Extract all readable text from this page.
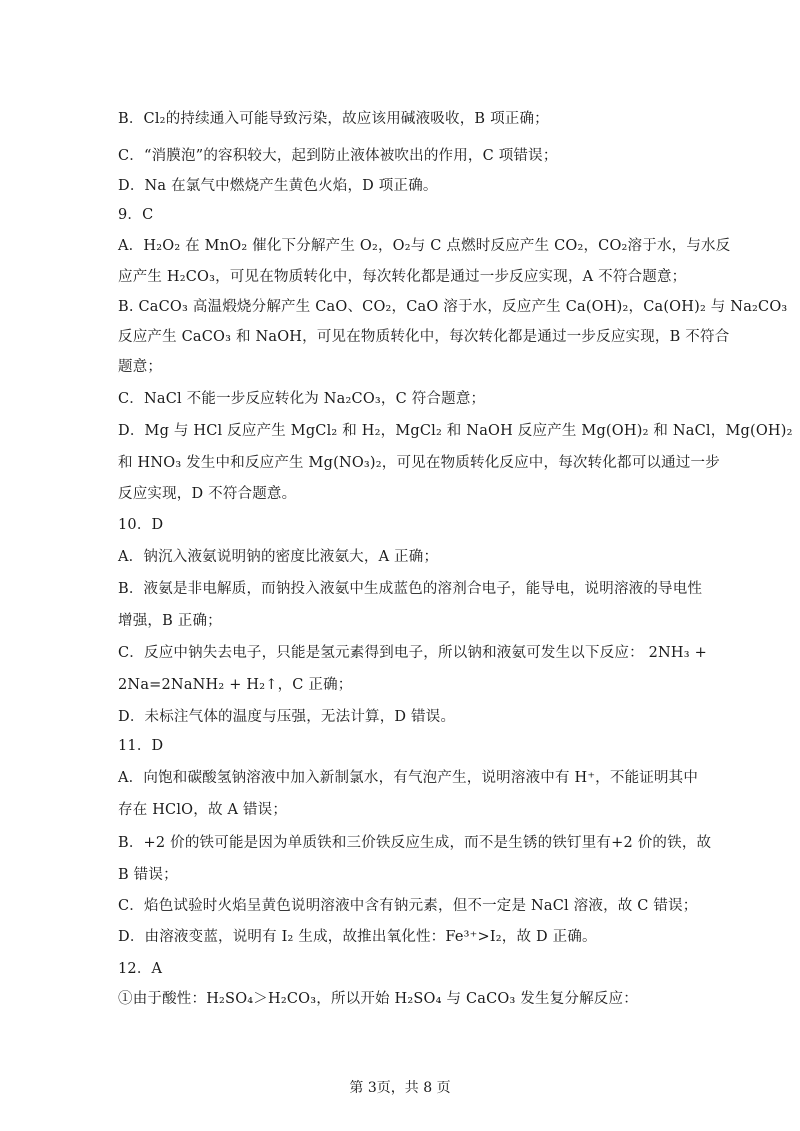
B．Cl₂的持续通入可能导致污染，故应该用碱液吸收，B 项正确；
C．“消膜泡”的容积较大，起到防止液体被吹出的作用，C 项错误；
D．Na 在氯气中燃烧产生黄色火焰，D 项正确。
9．C
A．H₂O₂ 在 MnO₂ 催化下分解产生 O₂，O₂与 C 点燃时反应产生 CO₂，CO₂溶于水，与水反
应产生 H₂CO₃，可见在物质转化中，每次转化都是通过一步反应实现，A 不符合题意；
B. CaCO₃ 高温煅烧分解产生 CaO、CO₂，CaO 溶于水，反应产生 Ca(OH)₂，Ca(OH)₂ 与 Na₂CO₃
反应产生 CaCO₃ 和 NaOH，可见在物质转化中，每次转化都是通过一步反应实现，B 不符合
题意；
C．NaCl 不能一步反应转化为 Na₂CO₃，C 符合题意；
D．Mg 与 HCl 反应产生 MgCl₂ 和 H₂，MgCl₂ 和 NaOH 反应产生 Mg(OH)₂ 和 NaCl，Mg(OH)₂
和 HNO₃ 发生中和反应产生 Mg(NO₃)₂，可见在物质转化反应中，每次转化都可以通过一步
反应实现，D 不符合题意。
10．D
A．钠沉入液氨说明钠的密度比液氨大，A 正确；
B．液氨是非电解质，而钠投入液氨中生成蓝色的溶剂合电子，能导电，说明溶液的导电性
增强，B 正确；
C．反应中钠失去电子，只能是氢元素得到电子，所以钠和液氨可发生以下反应： 2NH₃ +
2Na=2NaNH₂ + H₂↑，C 正确；
D．未标注气体的温度与压强，无法计算，D 错误。
11．D
A．向饱和碳酸氢钠溶液中加入新制氯水，有气泡产生，说明溶液中有 H⁺，不能证明其中
存在 HClO，故 A 错误；
B．+2 价的铁可能是因为单质铁和三价铁反应生成，而不是生锈的铁钉里有+2 价的铁，故
B 错误；
C．焰色试验时火焰呈黄色说明溶液中含有钠元素，但不一定是 NaCl 溶液，故 C 错误；
D．由溶液变蓝，说明有 I₂ 生成，故推出氧化性：Fe³⁺>I₂，故 D 正确。
12．A
①由于酸性：H₂SO₄＞H₂CO₃，所以开始 H₂SO₄ 与 CaCO₃ 发生复分解反应：
第 3页，共 8 页
